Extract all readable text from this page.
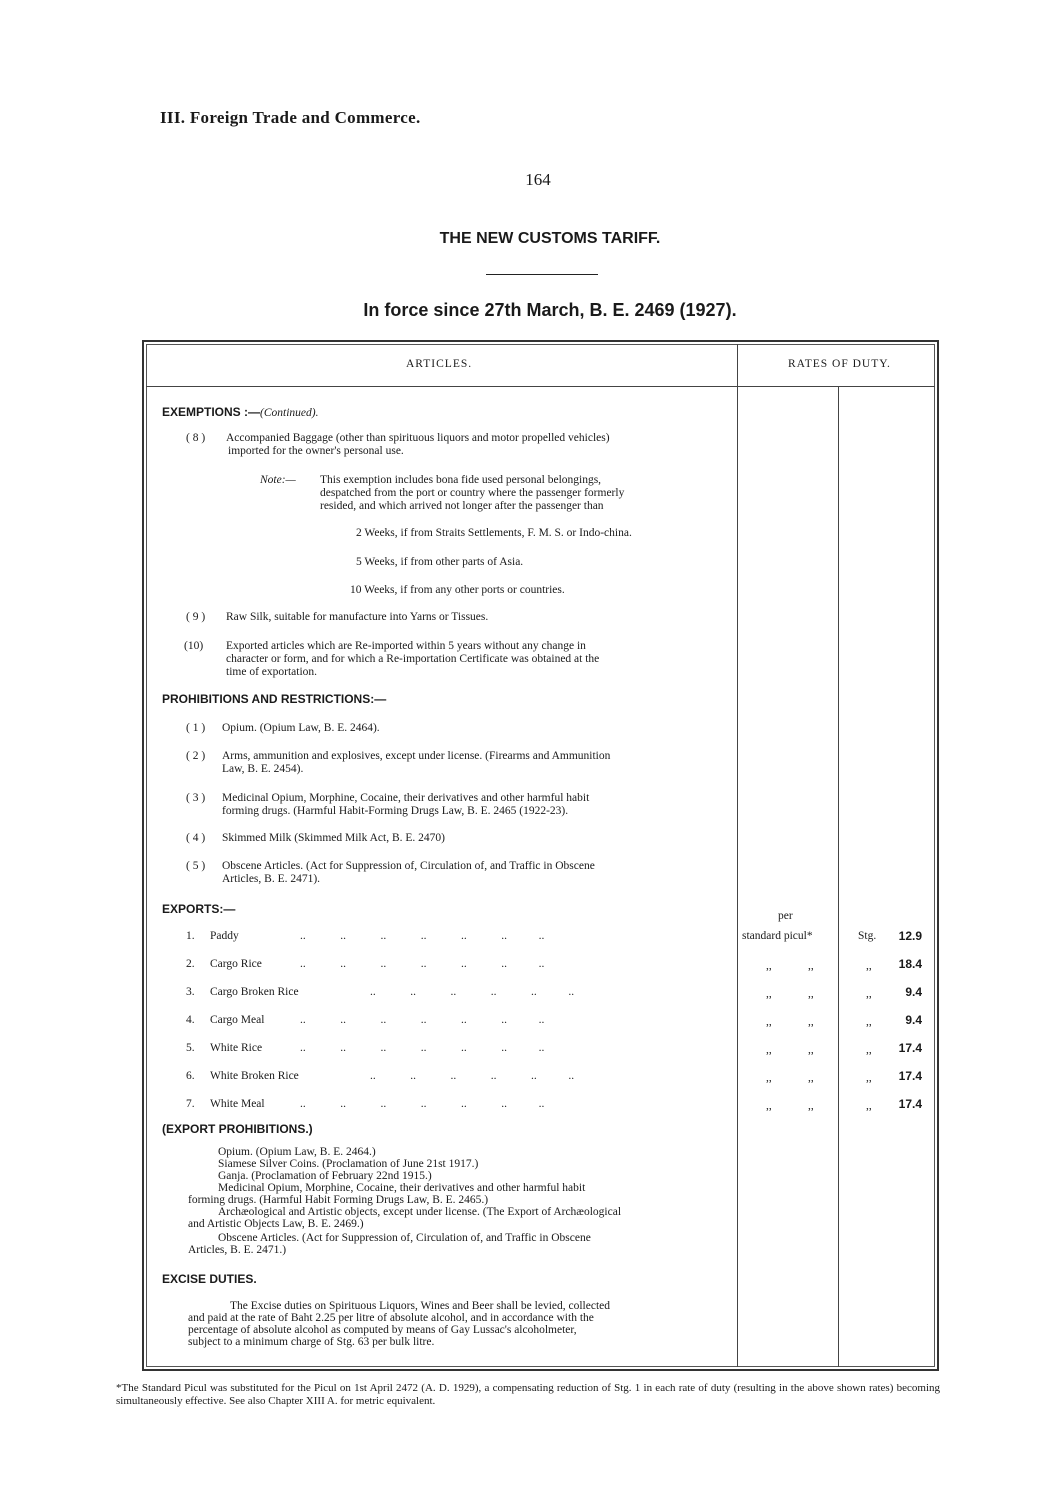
III. Foreign Trade and Commerce.
164
THE NEW CUSTOMS TARIFF.
In force since 27th March, B. E. 2469 (1927).
ARTICLES.	RATES OF DUTY.
EXEMPTIONS :—(Continued).
( 8 ) Accompanied Baggage (other than spirituous liquors and motor propelled vehicles)
imported for the owner's personal use.
Note:— This exemption includes bona fide used personal belongings,
despatched from the port or country where the passenger formerly
resided, and which arrived not longer after the passenger than
2 Weeks, if from Straits Settlements, F. M. S. or Indo-china.
5 Weeks, if from other parts of Asia.
10 Weeks, if from any other ports or countries.
( 9 ) Raw Silk, suitable for manufacture into Yarns or Tissues.
(10) Exported articles which are Re-imported within 5 years without any change in
character or form, and for which a Re-importation Certificate was obtained at the
time of exportation.
PROHIBITIONS AND RESTRICTIONS:—
( 1 ) Opium. (Opium Law, B. E. 2464).
( 2 ) Arms, ammunition and explosives, except under license. (Firearms and Ammunition
Law, B. E. 2454).
( 3 ) Medicinal Opium, Morphine, Cocaine, their derivatives and other harmful habit
forming drugs. (Harmful Habit-Forming Drugs Law, B. E. 2465 (1922-23).
( 4 ) Skimmed Milk (Skimmed Milk Act, B. E. 2470)
( 5 ) Obscene Articles. (Act for Suppression of, Circulation of, and Traffic in Obscene
Articles, B. E. 2471).
EXPORTS:—	per
standard picul*
1. Paddy	..            ..            ..            ..            ..            ..           ..	Stg.	12.9
2. Cargo Rice	..            ..            ..            ..            ..            ..           ..	,,	,,	,,	18.4
3. Cargo Broken Rice	..            ..            ..            ..            ..           ..	,,	,,	,,	9.4
4. Cargo Meal	..            ..            ..            ..            ..            ..           ..	,,	,,	,,	9.4
5. White Rice	..            ..            ..            ..            ..            ..           ..	,,	,,	,,	17.4
6. White Broken Rice	..            ..            ..            ..            ..           ..	,,	,,	,,	17.4
7. White Meal	..            ..            ..            ..            ..            ..           ..	,,	,,	,,	17.4
(EXPORT PROHIBITIONS.)
Opium. (Opium Law, B. E. 2464.)
Siamese Silver Coins. (Proclamation of June 21st 1917.)
Ganja. (Proclamation of February 22nd 1915.)
Medicinal Opium, Morphine, Cocaine, their derivatives and other harmful habit
forming drugs. (Harmful Habit Forming Drugs Law, B. E. 2465.)
Archæological and Artistic objects, except under license. (The Export of Archæological
and Artistic Objects Law, B. E. 2469.)
Obscene Articles. (Act for Suppression of, Circulation of, and Traffic in Obscene
Articles, B. E. 2471.)
EXCISE DUTIES.
The Excise duties on Spirituous Liquors, Wines and Beer shall be levied, collected
and paid at the rate of Baht 2.25 per litre of absolute alcohol, and in accordance with the
percentage of absolute alcohol as computed by means of Gay Lussac's alcoholmeter,
subject to a minimum charge of Stg. 63 per bulk litre.
*The Standard Picul was substituted for the Picul on 1st April 2472 (A. D. 1929), a compensating reduction of Stg. 1 in each rate of duty (resulting in the above shown rates) becoming simultaneously effective. See also Chapter XIII A. for metric equivalent.
